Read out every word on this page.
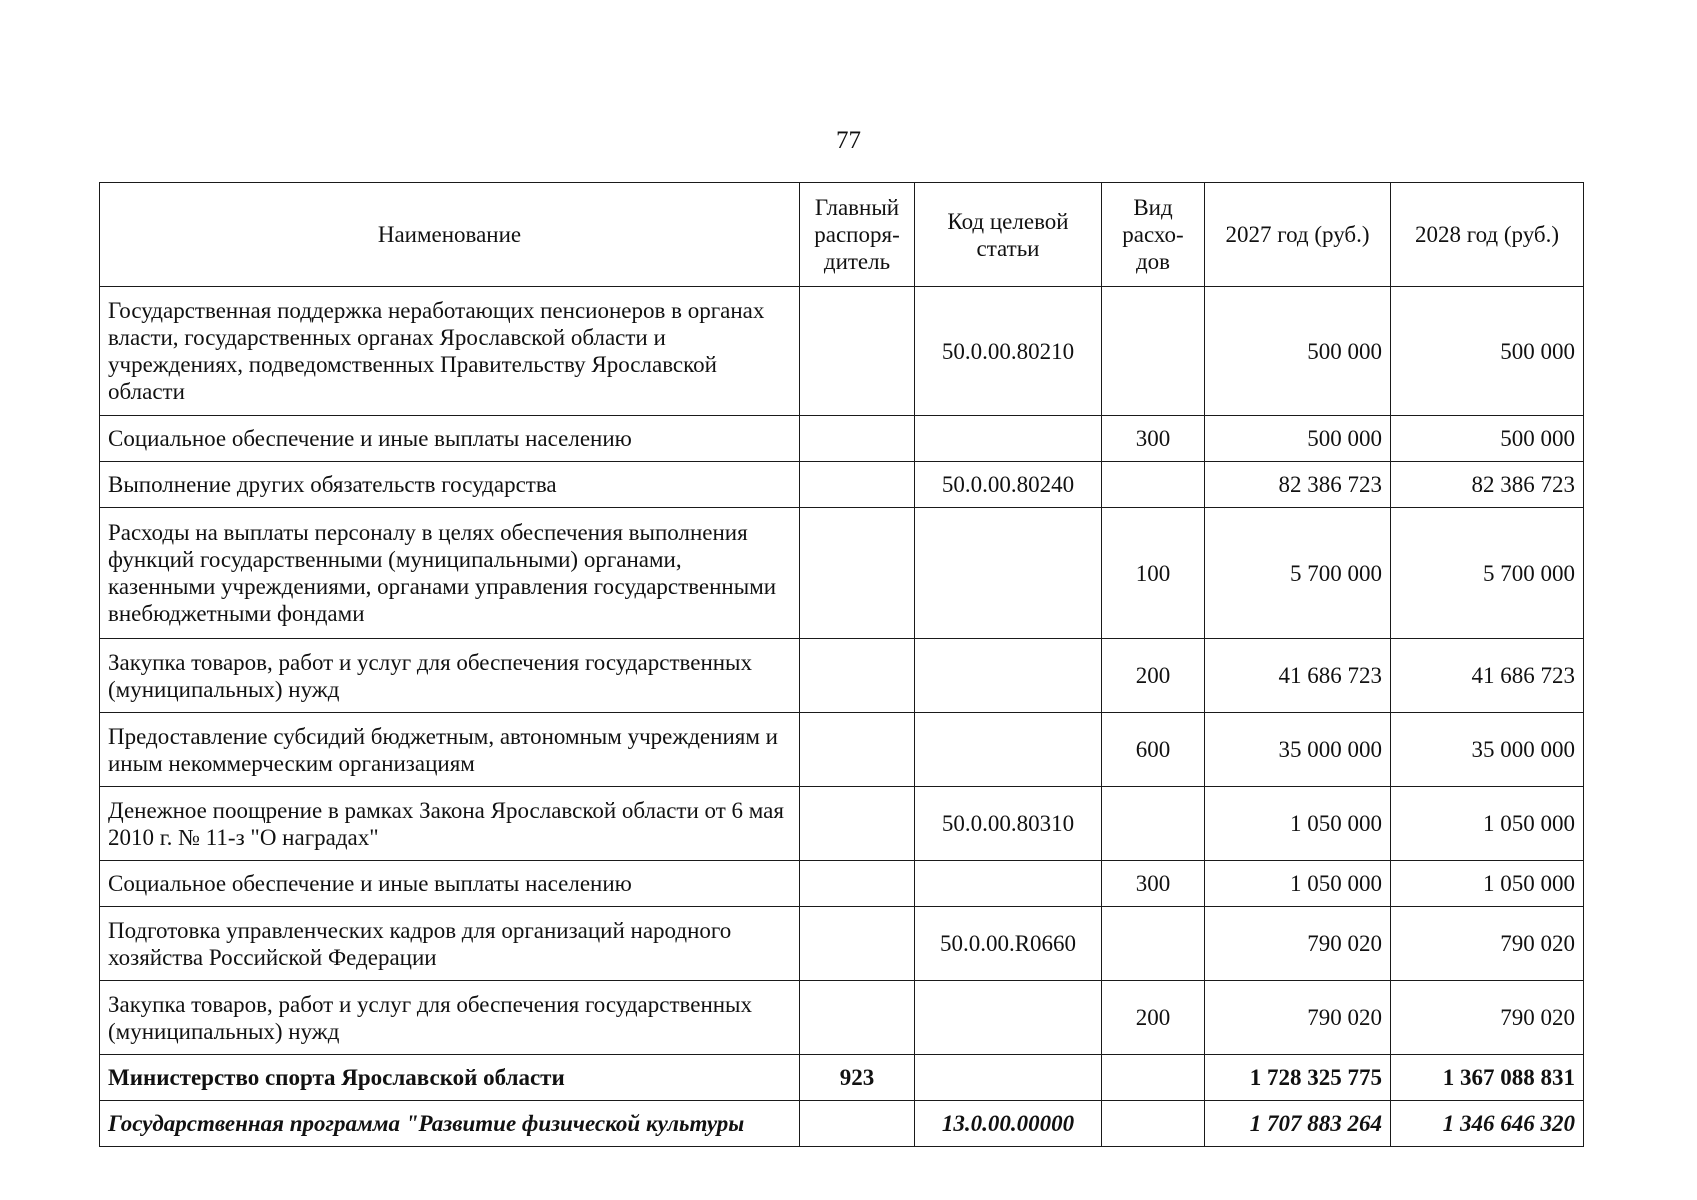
77
Наименование	Главный распоря-дитель	Код целевой статьи	Вид расхо-дов	2027 год (руб.)	2028 год (руб.)
Государственная поддержка неработающих пенсионеров в органах власти, государственных органах Ярославской области и учреждениях, подведомственных Правительству Ярославской области		50.0.00.80210		500 000	500 000
Социальное обеспечение и иные выплаты населению			300	500 000	500 000
Выполнение других обязательств государства		50.0.00.80240		82 386 723	82 386 723
Расходы на выплаты персоналу в целях обеспечения выполнения функций государственными (муниципальными) органами, казенными учреждениями, органами управления государственными внебюджетными фондами			100	5 700 000	5 700 000
Закупка товаров, работ и услуг для обеспечения государственных (муниципальных) нужд			200	41 686 723	41 686 723
Предоставление субсидий бюджетным, автономным учреждениям и иным некоммерческим организациям			600	35 000 000	35 000 000
Денежное поощрение в рамках Закона Ярославской области от 6 мая 2010 г. № 11-з "О наградах"		50.0.00.80310		1 050 000	1 050 000
Социальное обеспечение и иные выплаты населению			300	1 050 000	1 050 000
Подготовка управленческих кадров для организаций народного хозяйства Российской Федерации		50.0.00.R0660		790 020	790 020
Закупка товаров, работ и услуг для обеспечения государственных (муниципальных) нужд			200	790 020	790 020
Министерство спорта Ярославской области	923			1 728 325 775	1 367 088 831
Государственная программа "Развитие физической культуры		13.0.00.00000		1 707 883 264	1 346 646 320
